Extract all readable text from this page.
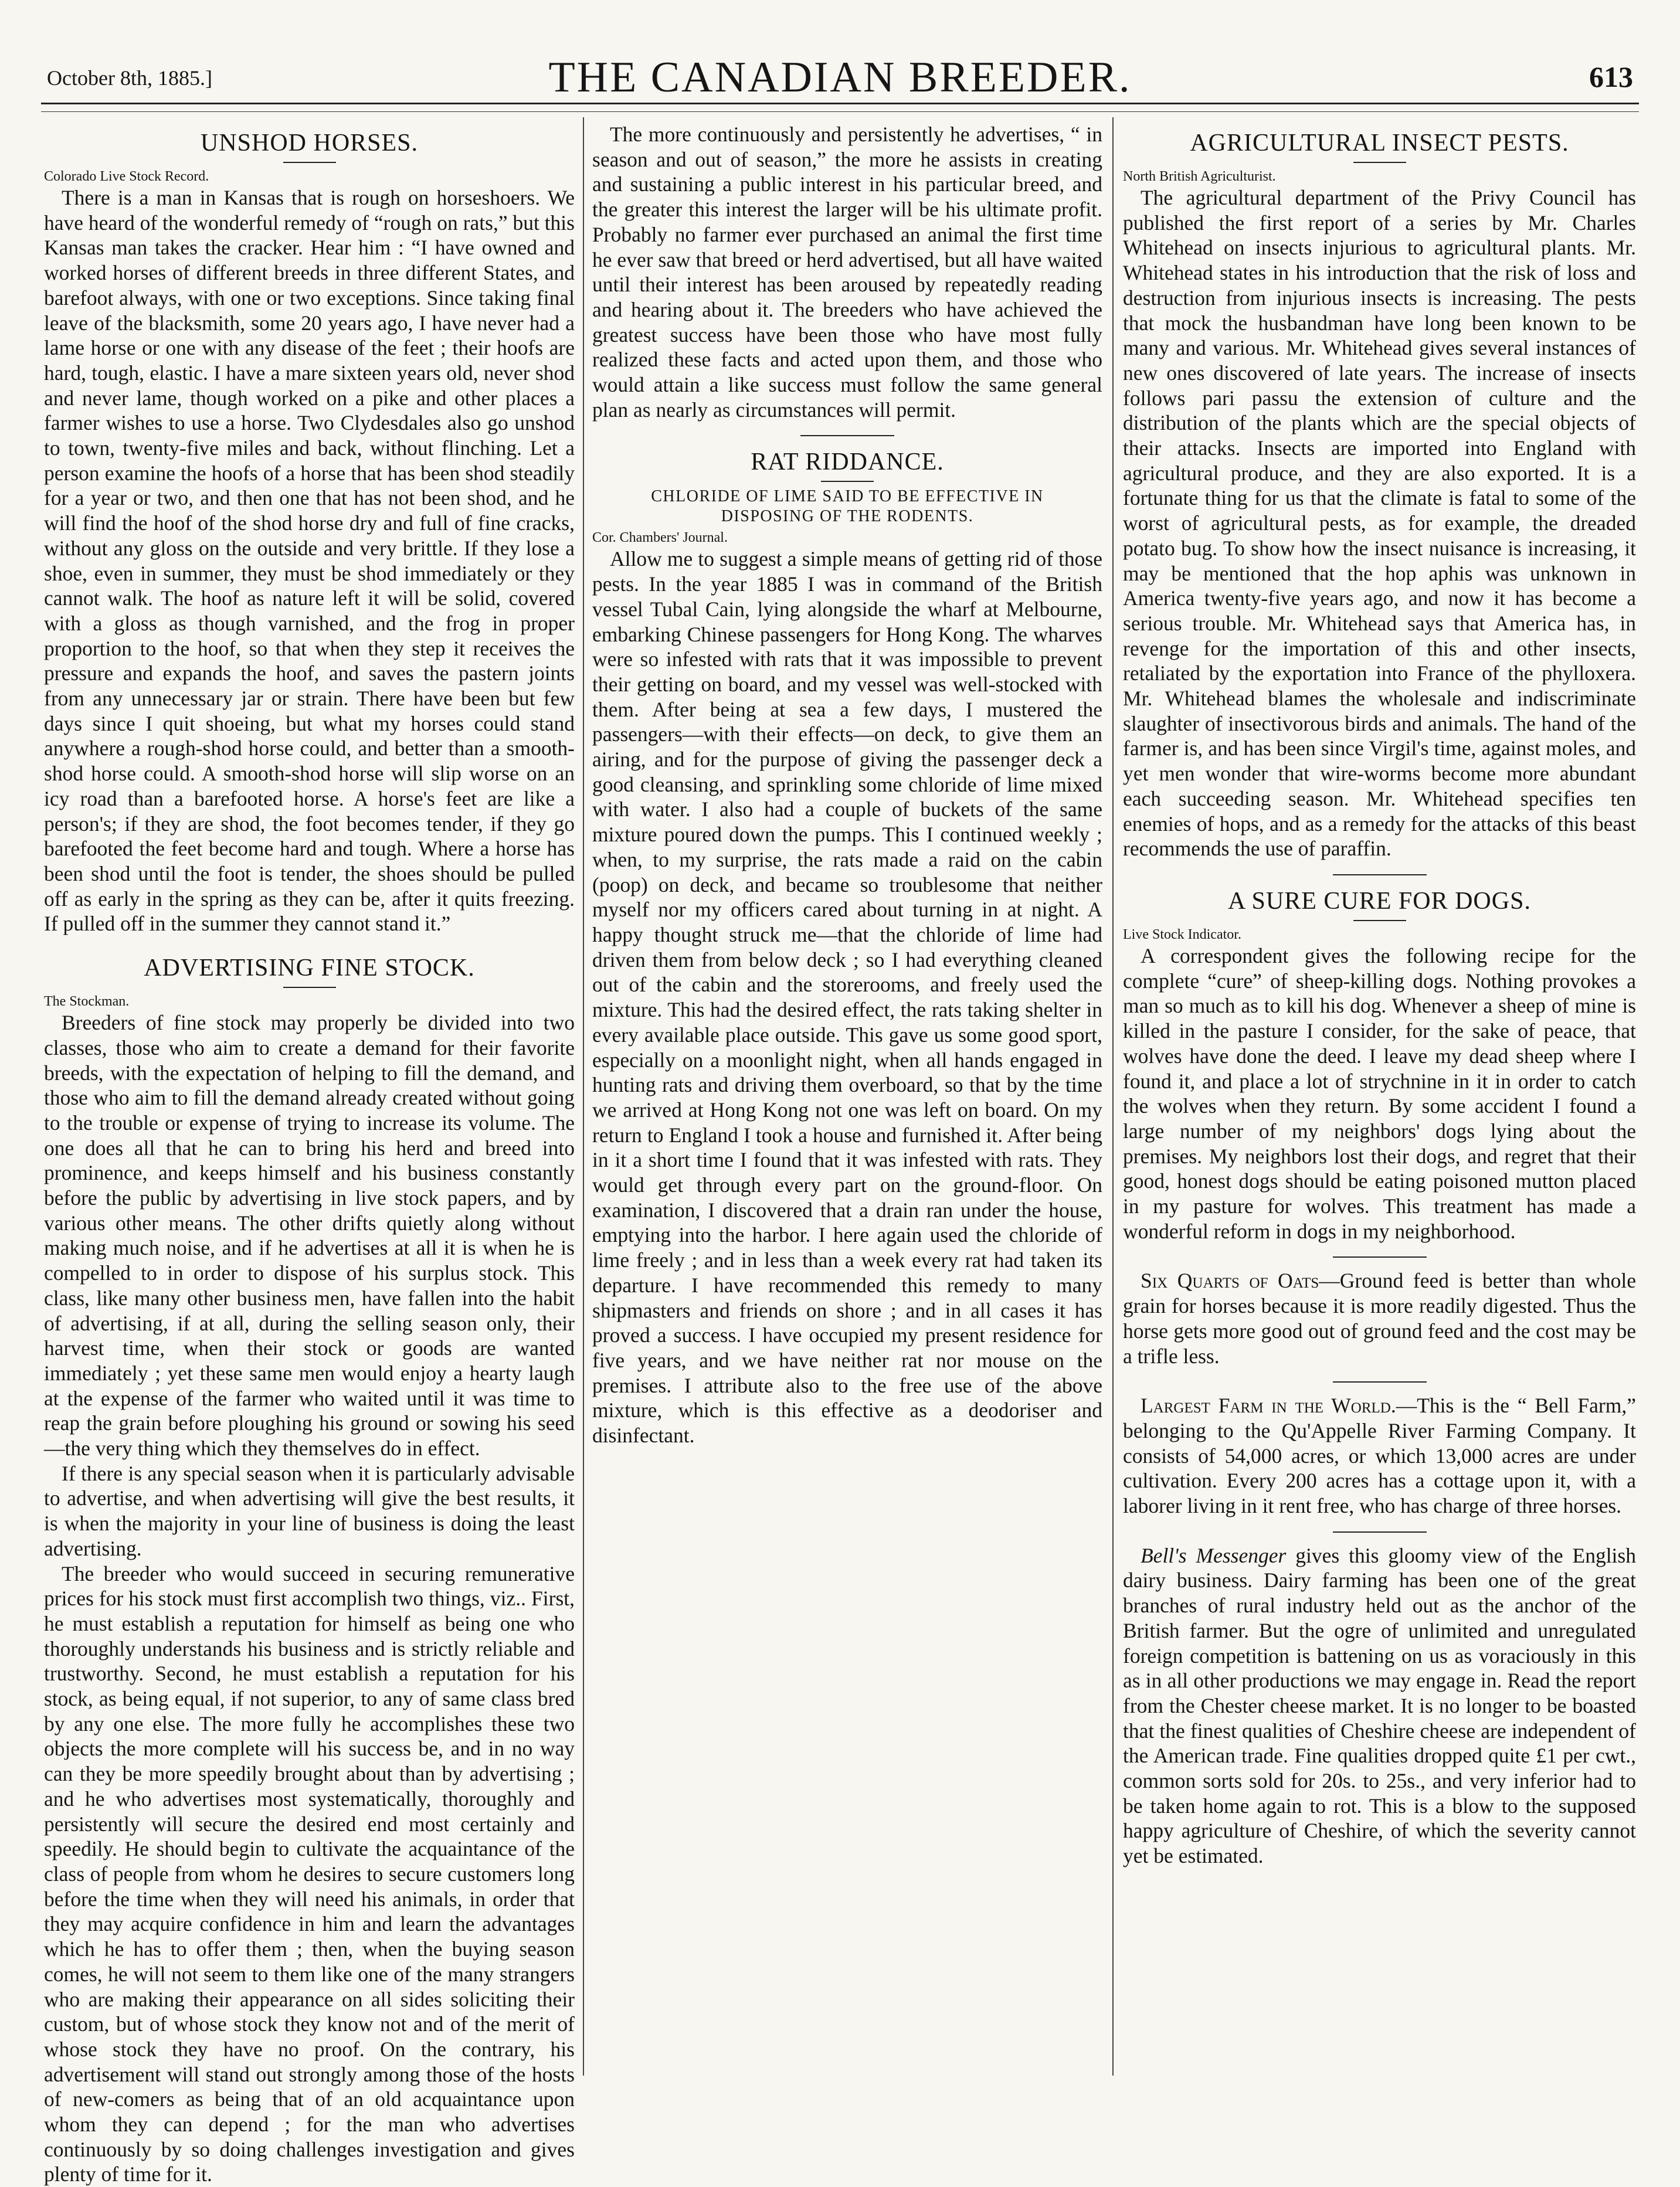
October 8th, 1885.]	THE CANADIAN BREEDER.	613
UNSHOD HORSES.
Colorado Live Stock Record.

There is a man in Kansas that is rough on horseshoers. We have heard of the wonderful remedy of “rough on rats,” but this Kansas man takes the cracker. Hear him : “I have owned and worked horses of different breeds in three different States, and barefoot always, with one or two exceptions. Since taking final leave of the blacksmith, some 20 years ago, I have never had a lame horse or one with any disease of the feet ; their hoofs are hard, tough, elastic. I have a mare sixteen years old, never shod and never lame, though worked on a pike and other places a farmer wishes to use a horse. Two Clydesdales also go unshod to town, twenty-five miles and back, without flinching. Let a person examine the hoofs of a horse that has been shod steadily for a year or two, and then one that has not been shod, and he will find the hoof of the shod horse dry and full of fine cracks, without any gloss on the outside and very brittle. If they lose a shoe, even in summer, they must be shod immediately or they cannot walk. The hoof as nature left it will be solid, covered with a gloss as though varnished, and the frog in proper proportion to the hoof, so that when they step it receives the pressure and expands the hoof, and saves the pastern joints from any unnecessary jar or strain. There have been but few days since I quit shoeing, but what my horses could stand anywhere a rough-shod horse could, and better than a smooth-shod horse could. A smooth-shod horse will slip worse on an icy road than a barefooted horse. A horse's feet are like a person's; if they are shod, the foot becomes tender, if they go barefooted the feet become hard and tough. Where a horse has been shod until the foot is tender, the shoes should be pulled off as early in the spring as they can be, after it quits freezing. If pulled off in the summer they cannot stand it.”

ADVERTISING FINE STOCK.
The Stockman.

Breeders of fine stock may properly be divided into two classes, those who aim to create a demand for their favorite breeds, with the expectation of helping to fill the demand, and those who aim to fill the demand already created without going to the trouble or expense of trying to increase its volume. The one does all that he can to bring his herd and breed into prominence, and keeps himself and his business constantly before the public by advertising in live stock papers, and by various other means. The other drifts quietly along without making much noise, and if he advertises at all it is when he is compelled to in order to dispose of his surplus stock. This class, like many other business men, have fallen into the habit of advertising, if at all, during the selling season only, their harvest time, when their stock or goods are wanted immediately ; yet these same men would enjoy a hearty laugh at the expense of the farmer who waited until it was time to reap the grain before ploughing his ground or sowing his seed—the very thing which they themselves do in effect.

If there is any special season when it is particularly advisable to advertise, and when advertising will give the best results, it is when the majority in your line of business is doing the least advertising.

The breeder who would succeed in securing remunerative prices for his stock must first accomplish two things, viz.. First, he must establish a reputation for himself as being one who thoroughly understands his business and is strictly reliable and trustworthy. Second, he must establish a reputation for his stock, as being equal, if not superior, to any of same class bred by any one else. The more fully he accomplishes these two objects the more complete will his success be, and in no way can they be more speedily brought about than by advertising ; and he who advertises most systematically, thoroughly and persistently will secure the desired end most certainly and speedily. He should begin to cultivate the acquaintance of the class of people from whom he desires to secure customers long before the time when they will need his animals, in order that they may acquire confidence in him and learn the advantages which he has to offer them ; then, when the buying season comes, he will not seem to them like one of the many strangers who are making their appearance on all sides soliciting their custom, but of whose stock they know not and of the merit of whose stock they have no proof. On the contrary, his advertisement will stand out strongly among those of the hosts of new-comers as being that of an old acquaintance upon whom they can depend ; for the man who advertises continuously by so doing challenges investigation and gives plenty of time for it.

The more continuously and persistently he advertises, “ in season and out of season,” the more he assists in creating and sustaining a public interest in his particular breed, and the greater this interest the larger will be his ultimate profit. Probably no farmer ever purchased an animal the first time he ever saw that breed or herd advertised, but all have waited until their interest has been aroused by repeatedly reading and hearing about it. The breeders who have achieved the greatest success have been those who have most fully realized these facts and acted upon them, and those who would attain a like success must follow the same general plan as nearly as circumstances will permit.

RAT RIDDANCE.
CHLORIDE OF LIME SAID TO BE EFFECTIVE IN DISPOSING OF THE RODENTS.
Cor. Chambers' Journal.

Allow me to suggest a simple means of getting rid of those pests. In the year 1885 I was in command of the British vessel Tubal Cain, lying alongside the wharf at Melbourne, embarking Chinese passengers for Hong Kong. The wharves were so infested with rats that it was impossible to prevent their getting on board, and my vessel was well-stocked with them. After being at sea a few days, I mustered the passengers—with their effects—on deck, to give them an airing, and for the purpose of giving the passenger deck a good cleansing, and sprinkling some chloride of lime mixed with water. I also had a couple of buckets of the same mixture poured down the pumps. This I continued weekly ; when, to my surprise, the rats made a raid on the cabin (poop) on deck, and became so troublesome that neither myself nor my officers cared about turning in at night. A happy thought struck me—that the chloride of lime had driven them from below deck ; so I had everything cleaned out of the cabin and the storerooms, and freely used the mixture. This had the desired effect, the rats taking shelter in every available place outside. This gave us some good sport, especially on a moonlight night, when all hands engaged in hunting rats and driving them overboard, so that by the time we arrived at Hong Kong not one was left on board. On my return to England I took a house and furnished it. After being in it a short time I found that it was infested with rats. They would get through every part on the ground-floor. On examination, I discovered that a drain ran under the house, emptying into the harbor. I here again used the chloride of lime freely ; and in less than a week every rat had taken its departure. I have recommended this remedy to many shipmasters and friends on shore ; and in all cases it has proved a success. I have occupied my present residence for five years, and we have neither rat nor mouse on the premises. I attribute also to the free use of the above mixture, which is this effective as a deodoriser and disinfectant.

AGRICULTURAL INSECT PESTS.
North British Agriculturist.

The agricultural department of the Privy Council has published the first report of a series by Mr. Charles Whitehead on insects injurious to agricultural plants. Mr. Whitehead states in his introduction that the risk of loss and destruction from injurious insects is increasing. The pests that mock the husbandman have long been known to be many and various. Mr. Whitehead gives several instances of new ones discovered of late years. The increase of insects follows pari passu the extension of culture and the distribution of the plants which are the special objects of their attacks. Insects are imported into England with agricultural produce, and they are also exported. It is a fortunate thing for us that the climate is fatal to some of the worst of agricultural pests, as for example, the dreaded potato bug. To show how the insect nuisance is increasing, it may be mentioned that the hop aphis was unknown in America twenty-five years ago, and now it has become a serious trouble. Mr. Whitehead says that America has, in revenge for the importation of this and other insects, retaliated by the exportation into France of the phylloxera. Mr. Whitehead blames the wholesale and indiscriminate slaughter of insectivorous birds and animals. The hand of the farmer is, and has been since Virgil's time, against moles, and yet men wonder that wire-worms become more abundant each succeeding season. Mr. Whitehead specifies ten enemies of hops, and as a remedy for the attacks of this beast recommends the use of paraffin.

A SURE CURE FOR DOGS.
Live Stock Indicator.

A correspondent gives the following recipe for the complete “cure” of sheep-killing dogs. Nothing provokes a man so much as to kill his dog. Whenever a sheep of mine is killed in the pasture I consider, for the sake of peace, that wolves have done the deed. I leave my dead sheep where I found it, and place a lot of strychnine in it in order to catch the wolves when they return. By some accident I found a large number of my neighbors' dogs lying about the premises. My neighbors lost their dogs, and regret that their good, honest dogs should be eating poisoned mutton placed in my pasture for wolves. This treatment has made a wonderful reform in dogs in my neighborhood.

Six Quarts of Oats—Ground feed is better than whole grain for horses because it is more readily digested. Thus the horse gets more good out of ground feed and the cost may be a trifle less.

Largest Farm in the World.—This is the “ Bell Farm,” belonging to the Qu'Appelle River Farming Company. It consists of 54,000 acres, or which 13,000 acres are under cultivation. Every 200 acres has a cottage upon it, with a laborer living in it rent free, who has charge of three horses.

Bell's Messenger gives this gloomy view of the English dairy business. Dairy farming has been one of the great branches of rural industry held out as the anchor of the British farmer. But the ogre of unlimited and unregulated foreign competition is battening on us as voraciously in this as in all other productions we may engage in. Read the report from the Chester cheese market. It is no longer to be boasted that the finest qualities of Cheshire cheese are independent of the American trade. Fine qualities dropped quite £1 per cwt., common sorts sold for 20s. to 25s., and very inferior had to be taken home again to rot. This is a blow to the supposed happy agriculture of Cheshire, of which the severity cannot yet be estimated.
